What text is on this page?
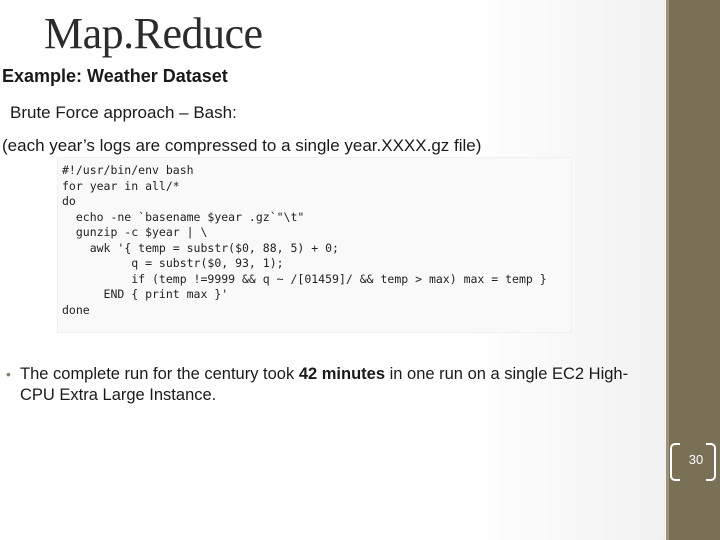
Map.Reduce
Example: Weather Dataset
Brute Force approach – Bash:
(each year’s logs are compressed to a single year.XXXX.gz file)
#!/usr/bin/env bash
for year in all/*
do
echo -ne `basename $year .gz`"\t"
gunzip -c $year | \
awk '{ temp = substr($0, 88, 5) + 0;
q = substr($0, 93, 1);
if (temp !=9999 && q ~ /[01459]/ && temp > max) max = temp }
END { print max }'
done
• The complete run for the century took 42 minutes in one run on a single EC2 High-CPU Extra Large Instance.
30
